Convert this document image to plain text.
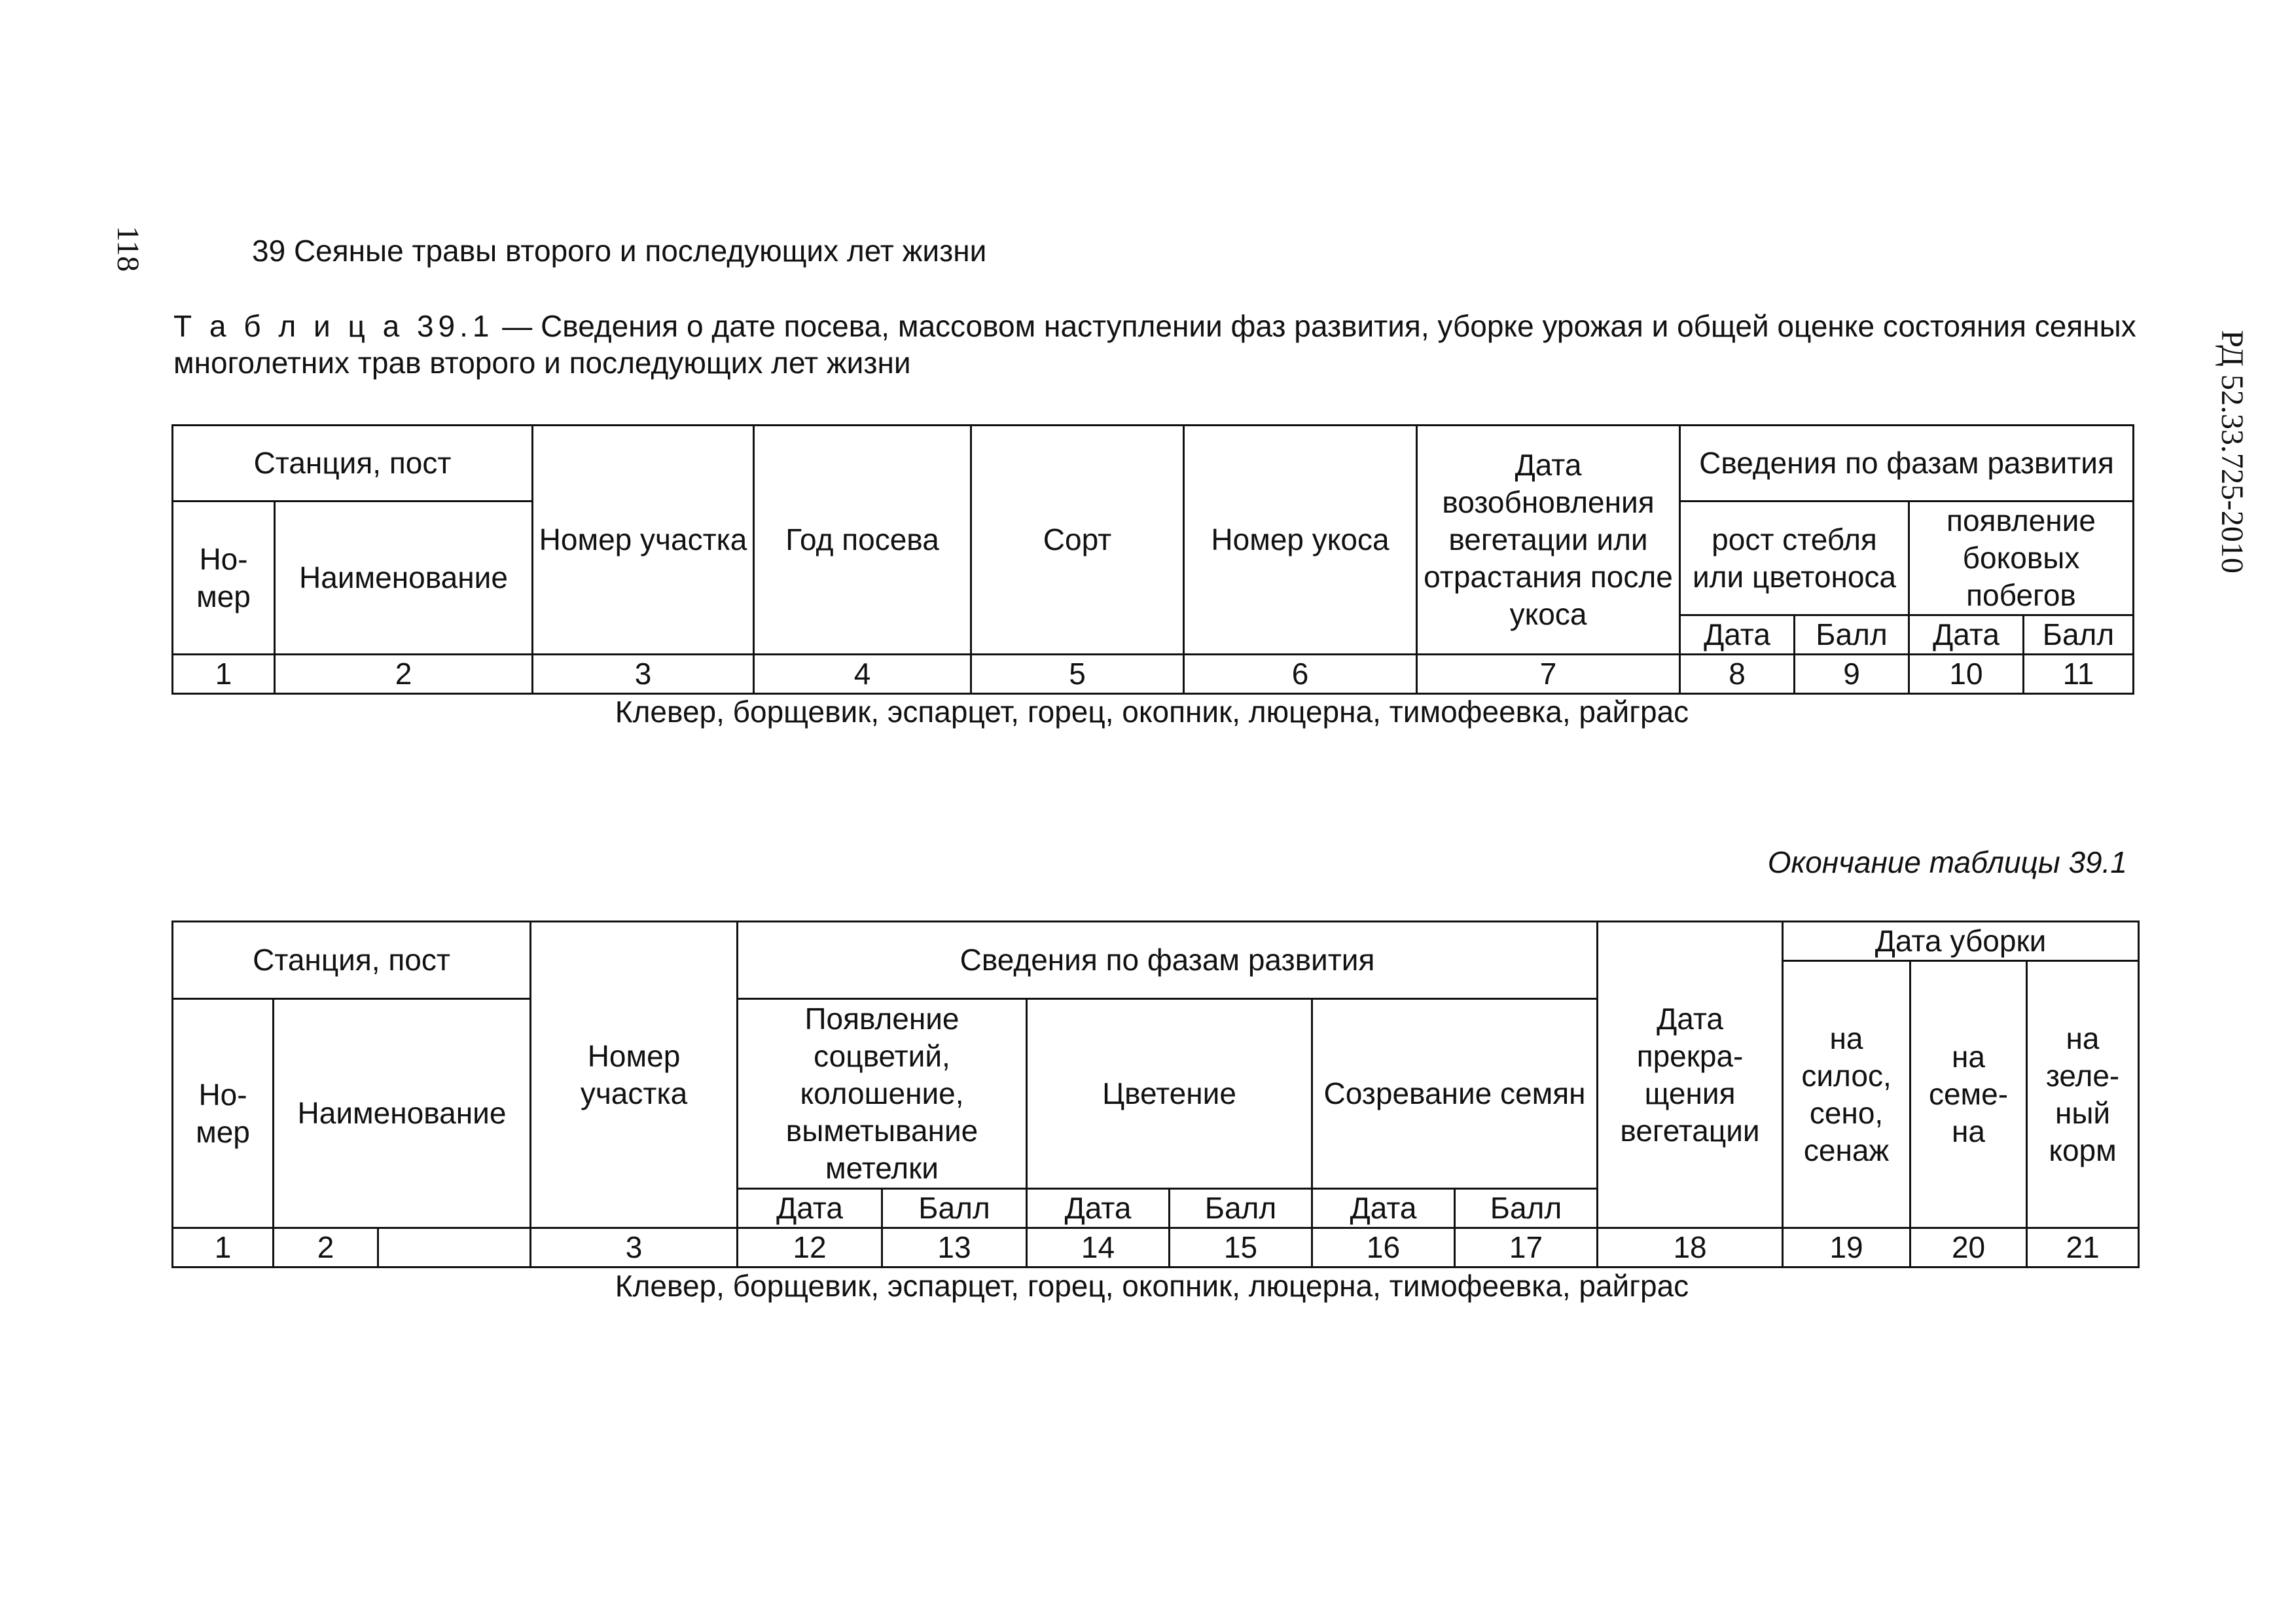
118
РД 52.33.725-2010
39 Сеяные травы второго и последующих лет жизни
Т а б л и ц а 39.1 — Сведения о дате посева, массовом наступлении фаз развития, уборке урожая и общей оценке состояния сеяных многолетних трав второго и последующих лет жизни
Станция, пост		Номер участка	Год посева	Сорт	Номер укоса	Дата возобновления вегетации или отрастания после укоса	Сведения по фазам развития			
Но-мер	Наименование						рост стебля или цветоноса		появление боковых побегов	
							Дата	Балл	Дата	Балл
1	2	3	4	5	6	7	8	9	10	11
Клевер, борщевик, эспарцет, горец, окопник, люцерна, тимофеевка, райграс
Окончание таблицы 39.1
Станция, пост			Номер участка	Сведения по фазам развития						Дата прекра-щения вегетации	Дата уборки		
											на силос, сено, сенаж	на семе-на	на зеле-ный корм
Но-мер	Наименование			Появление соцветий, колошение, выметывание метелки		Цветение		Созревание семян					
				Дата	Балл	Дата	Балл	Дата	Балл				
1	2		3	12	13	14	15	16	17	18	19	20	21
Клевер, борщевик, эспарцет, горец, окопник, люцерна, тимофеевка, райграс
